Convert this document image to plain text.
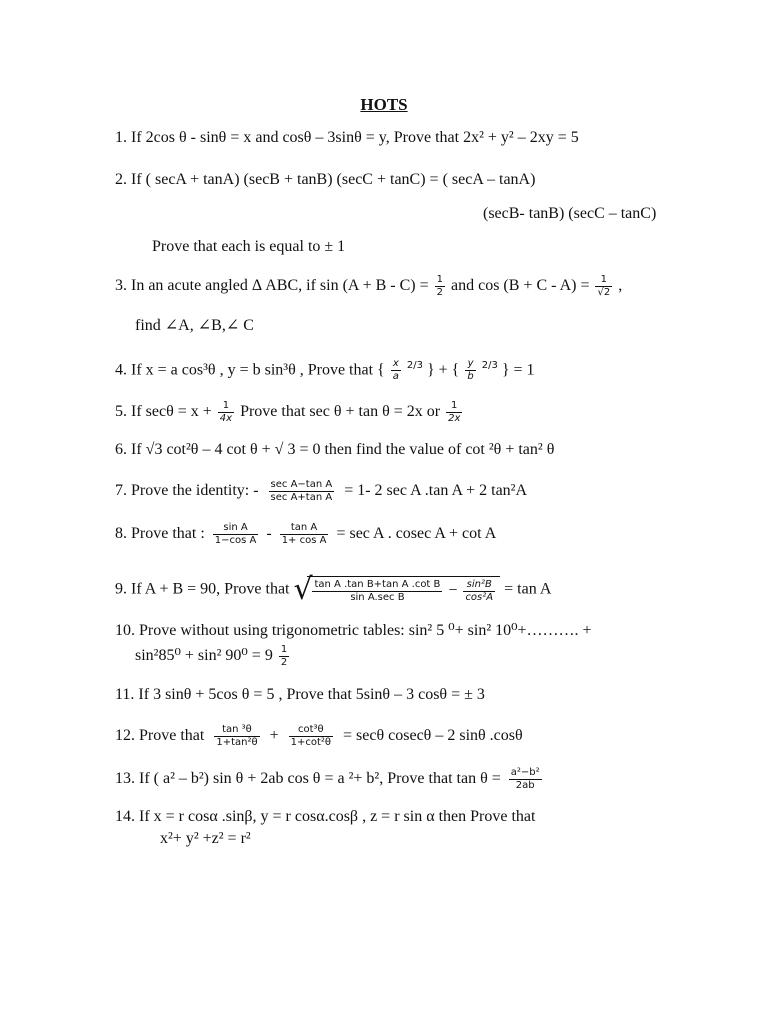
HOTS
1. If 2cos θ - sinθ = x and cosθ – 3sinθ = y, Prove that 2x² + y² – 2xy = 5
2. If ( secA + tanA) (secB + tanB) (secC + tanC) = ( secA – tanA)
(secB- tanB) (secC – tanC)
Prove that each is equal to ± 1
3. In an acute angled Δ ABC, if $\sin (A + B - C) = \frac{1}{2}$ and $\cos (B + C - A) = \frac{1}{√2}$ ,
find ∠A, ∠B,∠ C
4. If x = a cos³θ , y = b sin³θ , Prove that { $\frac{x}{a} 2/3$ } + { $\frac{y}{b} 2/3$ } = 1
5. If $\sec\theta = x + \frac{1}{4x}$ Prove that sec θ + tan θ = 2x or $\frac{1}{2x}$
6. If √3 cot²θ – 4 cot θ + √ 3 = 0 then find the value of cot ²θ + tan² θ
7. Prove the identity: - $\frac{\text{sec A−tan A}}{\text{sec A+tan A}} = 1-$ 2 sec A .tan A + 2 tan²A
8. Prove that : $\frac{\text{sin A}}{\text{1−cos A}} - \frac{\text{tan A}}{\text{1+ cos A}} = \sec A$ . cosec A + cot A
9. If A + B = 90, Prove that √ $\frac{\text{tan A .tan B+tan A .cot B}}{\text{sin A.sec B}} - \frac{\text{sin²B}}{\text{cos²A}} = \tan A$
10. Prove without using trigonometric tables: sin² 5 ⁰+ sin² 10⁰+………. +
sin²85⁰ + sin² $90^0 = 9 \frac{1}{2}$
11. If 3 sinθ + 5cos θ = 5 , Prove that 5sinθ – 3 cosθ = ± 3
12. Prove that $\frac{\text{tan ³θ}}{\text{1+tan²θ}} + \frac{\text{cot³θ}}{\text{1+cot²θ}} = \sec\theta$ cosecθ – 2 sinθ .cosθ
13. If ( a² – b²) sin θ + 2ab cos θ = a ²+ b², Prove that $\tan \theta = \frac{\text{a²−b²}}{2ab}$
14. If x = r cosα .sinβ, y = r cosα.cosβ , z = r sin α then Prove that
x²+ y² +z² = r²
